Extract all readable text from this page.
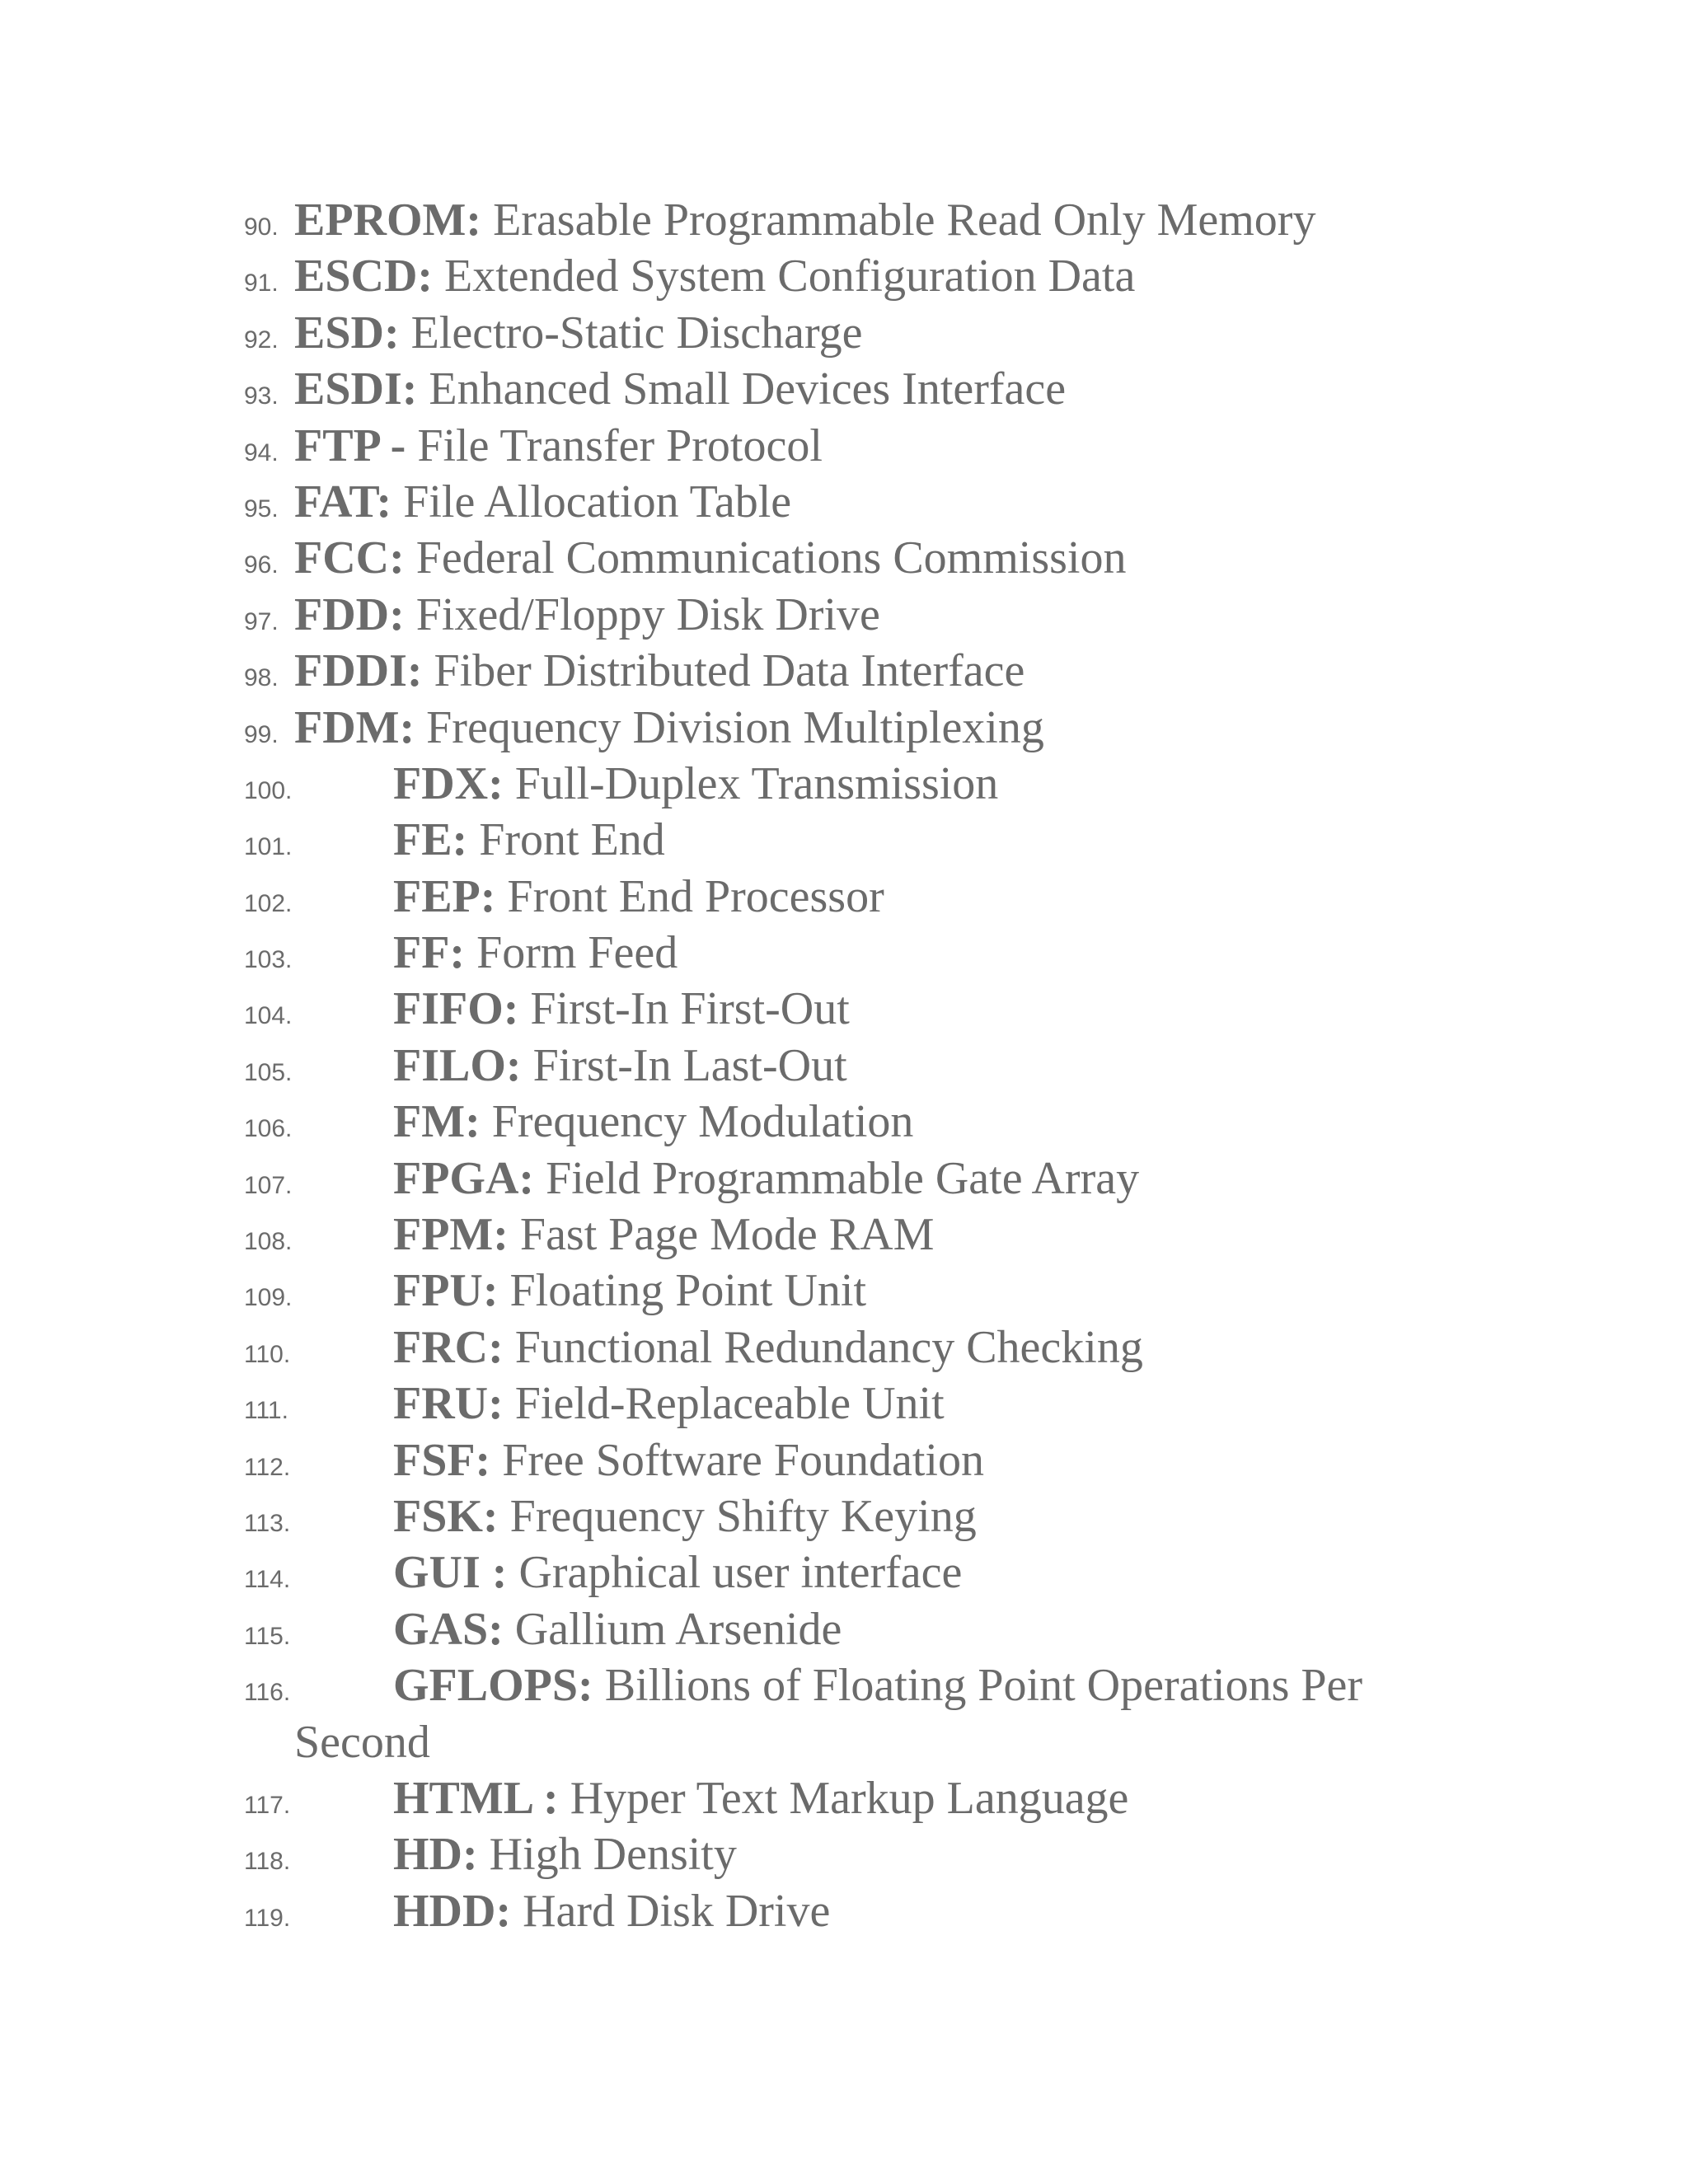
90. EPROM: Erasable Programmable Read Only Memory
91. ESCD: Extended System Configuration Data
92. ESD: Electro-Static Discharge
93. ESDI: Enhanced Small Devices Interface
94. FTP - File Transfer Protocol
95. FAT: File Allocation Table
96. FCC: Federal Communications Commission
97. FDD: Fixed/Floppy Disk Drive
98. FDDI: Fiber Distributed Data Interface
99. FDM: Frequency Division Multiplexing
100. FDX: Full-Duplex Transmission
101. FE: Front End
102. FEP: Front End Processor
103. FF: Form Feed
104. FIFO: First-In First-Out
105. FILO: First-In Last-Out
106. FM: Frequency Modulation
107. FPGA: Field Programmable Gate Array
108. FPM: Fast Page Mode RAM
109. FPU: Floating Point Unit
110. FRC: Functional Redundancy Checking
111. FRU: Field-Replaceable Unit
112. FSF: Free Software Foundation
113. FSK: Frequency Shifty Keying
114. GUI : Graphical user interface
115. GAS: Gallium Arsenide
116. GFLOPS: Billions of Floating Point Operations Per
Second
117. HTML : Hyper Text Markup Language
118. HD: High Density
119. HDD: Hard Disk Drive
